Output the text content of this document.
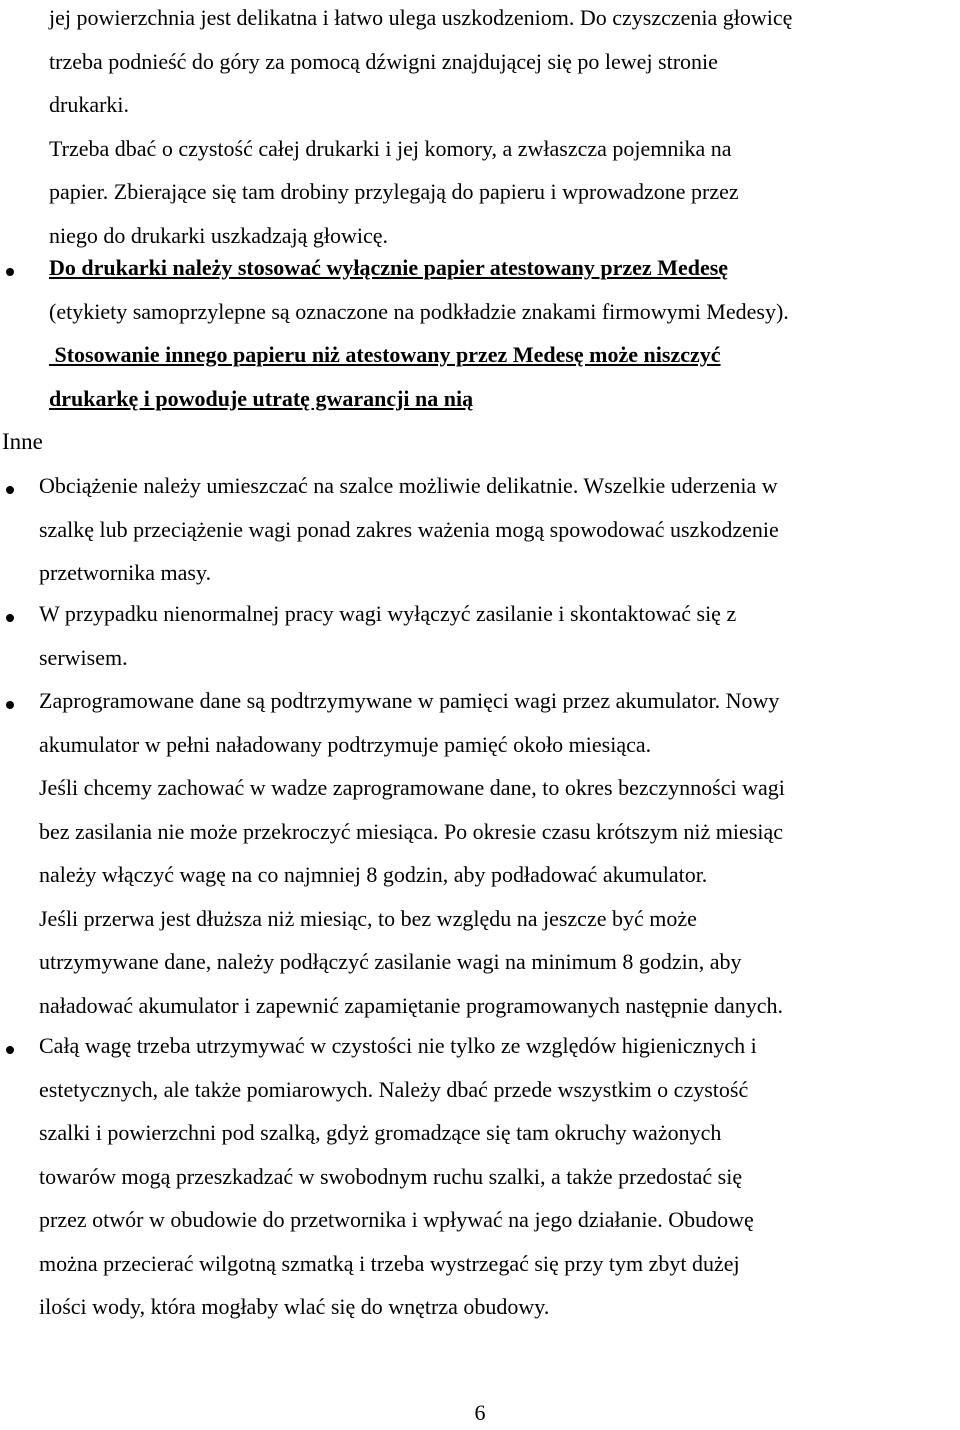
jej powierzchnia jest delikatna i łatwo ulega uszkodzeniom. Do czyszczenia głowicę
trzeba podnieść do góry za pomocą dźwigni znajdującej się po lewej stronie
drukarki.
Trzeba dbać o czystość całej drukarki i jej komory, a zwłaszcza pojemnika na
papier. Zbierające się tam drobiny przylegają do papieru i wprowadzone przez
niego do drukarki uszkadzają głowicę.
Do drukarki należy stosować wyłącznie papier atestowany przez Medesę
(etykiety samoprzylepne są oznaczone na podkładzie znakami firmowymi Medesy).
Stosowanie innego papieru niż atestowany przez Medesę może niszczyć
drukarkę i powoduje utratę gwarancji na nią
Inne
Obciążenie należy umieszczać na szalce możliwie delikatnie. Wszelkie uderzenia w
szalkę lub przeciążenie wagi ponad zakres ważenia mogą spowodować uszkodzenie
przetwornika masy.
W przypadku nienormalnej pracy wagi wyłączyć zasilanie i skontaktować się z
serwisem.
Zaprogramowane dane są podtrzymywane w pamięci wagi przez akumulator. Nowy
akumulator w pełni naładowany podtrzymuje pamięć około miesiąca.
Jeśli chcemy zachować w wadze zaprogramowane dane, to okres bezczynności wagi
bez zasilania nie może przekroczyć miesiąca. Po okresie czasu krótszym niż miesiąc
należy włączyć wagę na co najmniej 8 godzin, aby podładować akumulator.
Jeśli przerwa jest dłuższa niż miesiąc, to bez względu na jeszcze być może
utrzymywane dane, należy podłączyć zasilanie wagi na minimum 8 godzin, aby
naładować akumulator i zapewnić zapamiętanie programowanych następnie danych.
Całą wagę trzeba utrzymywać w czystości nie tylko ze względów higienicznych i
estetycznych, ale także pomiarowych. Należy dbać przede wszystkim o czystość
szalki i powierzchni pod szalką, gdyż gromadzące się tam okruchy ważonych
towarów mogą przeszkadzać w swobodnym ruchu szalki, a także przedostać się
przez otwór w obudowie do przetwornika i wpływać na jego działanie. Obudowę
można przecierać wilgotną szmatką i trzeba wystrzegać się przy tym zbyt dużej
ilości wody, która mogłaby wlać się do wnętrza obudowy.
6
